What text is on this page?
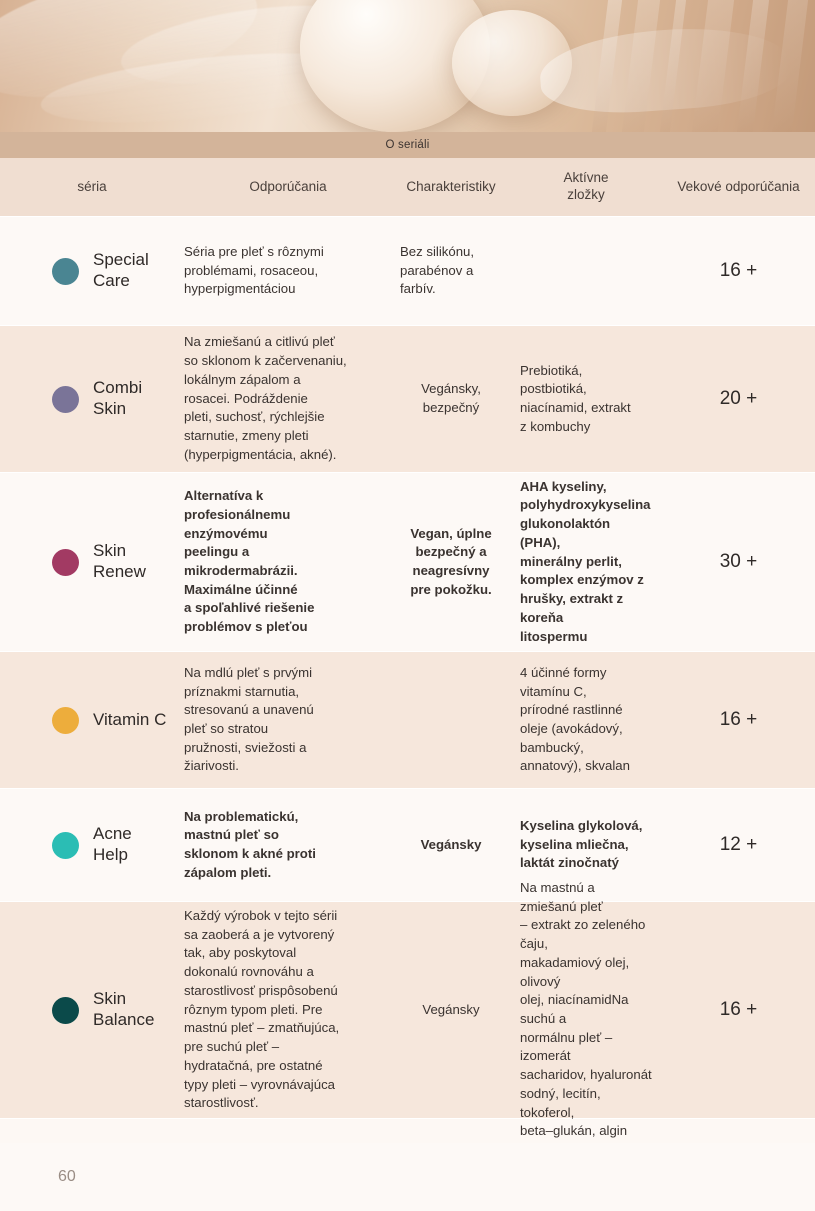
O seriáli
séria	Odporúčania	Charakteristiky
Aktívne
zložky
Vekové odporúčania
Special
Care
Séria pre pleť s rôznymi
problémami, rosaceou,
hyperpigmentáciou
Bez silikónu,
parabénov a
farbív.
16 +
Combi
Skin
Na zmiešanú a citlivú pleť
so sklonom k začervenaniu,
lokálnym zápalom a
rosacei. Podráždenie
pleti, suchosť, rýchlejšie
starnutie, zmeny pleti
(hyperpigmentácia, akné).
Vegánsky,
bezpečný
Prebiotiká,
postbiotiká,
niacínamid, extrakt
z kombuchy
20 +
Skin
Renew
Alternatíva k
profesionálnemu
enzýmovému
peelingu a
mikrodermabrázii.
Maximálne účinné
a spoľahlivé riešenie
problémov s pleťou
Vegan, úplne
bezpečný a
neagresívny
pre pokožku.
AHA kyseliny,
polyhydroxykyselina
glukonolaktón (PHA),
minerálny perlit,
komplex enzýmov z
hrušky, extrakt z koreňa
litospermu
30 +
Vitamin C
Na mdlú pleť s prvými
príznakmi starnutia,
stresovanú a unavenú
pleť so stratou
pružnosti, sviežosti a
žiarivosti.
4 účinné formy
vitamínu C,
prírodné rastlinné
oleje (avokádový,
bambucký,
annatový), skvalan
16 +
Acne
Help
Na problematickú,
mastnú pleť so
sklonom k akné proti
zápalom pleti.
Vegánsky
Kyselina glykolová,
kyselina mliečna,
laktát zinočnatý
12 +
Skin
Balance
Každý výrobok v tejto sérii
sa zaoberá a je vytvorený
tak, aby poskytoval
dokonalú rovnováhu a
starostlivosť prispôsobenú
rôznym typom pleti. Pre
mastnú pleť – zmatňujúca,
pre suchú pleť –
hydratačná, pre ostatné
typy pleti – vyrovnávajúca
starostlivosť.
Vegánsky
Na mastnú a zmiešanú pleť
– extrakt zo zeleného čaju,
makadamiový olej, olivový
olej, niacínamidNa suchú a
normálnu pleť – izomerát
sacharidov, hyaluronát
sodný, lecitín, tokoferol,
beta–glukán, algin
16 +
60
